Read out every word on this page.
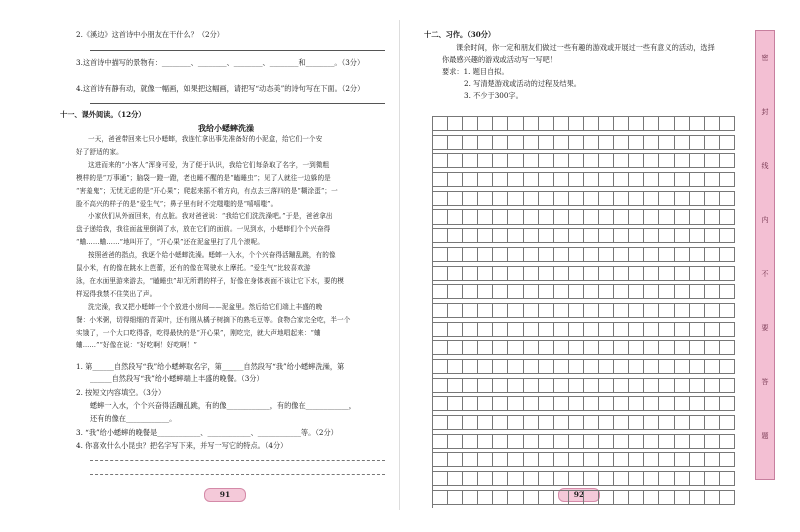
2.《溪边》这首诗中小朋友在干什么？（2分）
3.这首诗中描写的景物有：________、________、________、________和________。（3分）
4.这首诗有静有动，就像一幅画，如果把这幅画，请把写“动态美”的诗句写在下面。（2分）
十一、课外阅读。（12分）
我给小蟋蟀洗澡
一天，爸爸带回来七只小蟋蟀，我连忙拿出事先准备好的小泥盒，给它们一个安
好了舒适的家。
这进而来的“小客人”浑身可爱，为了便于认识，我给它们每条取了名字，一到微粗
模样的是“万事通”；脑袋一蹬一蹬，老也睡不醒的是“瞌睡虫”；见了人就往一边躲的是
“害羞鬼”；无忧无虑的是“开心果”；爬起来摇不着方向，有点去三落四的是“糊涂蛋”；一
脸不高兴的样子的是“爱生气”；鼻子里有时不完嗤嗤的是“嘻嘻嗤”。
小家伙们从外面回来，有点脏。我对爸爸说：“我给它们洗洗澡吧。”于是，爸爸拿出
盘子递给我，我往面盆里倒满了水，放在它们的面前。一见到水，小蟋蟀们个个兴奋得
“蛐……蛐……”地叫开了，“开心果”还在泥盆里打了几个滚呢。
按照爸爸的指点，我逐个给小蟋蟀洗澡。蟋蟀一入水，个个兴奋得活蹦乱跳，有的像
鼠小米，有的像在跳水上芭蕾，还有的像在驾驶水上摩托。“爱生气”比较喜欢游
泳，在水面里游来游去，“瞌睡虫”却无所谓的样子，好像在身体表面不该让它下水，要的模
样逗得我禁不住笑出了声。
洗完澡，我又把小蟋蟀一个个放进小房间——泥盆里。然后给它们端上丰盛的晚
餐：小米粥，切得细细的青菜叶，还有刚从橘子树摘下的熟毛豆等。食物合家完全吃，半一个
实饿了，一个大口吃得香，吃得最快的是“开心果”，刚吃完，就大声地唱起来：“蛐
蛐……”“好像在说：“好吃啊！好吃啊！”
1. 第______自然段写“我”给小蟋蟀取名字，第______自然段写“我”给小蟋蟀洗澡，第
______自然段写“我”给小蟋蟀端上丰盛的晚餐。（3分）
2. 按短文内容填空。（3分）
蟋蟀一入水，个个兴奋得活蹦乱跳，有的像____________，有的像在____________，
还有的像在____________。
3. “我”给小蟋蟀的晚餐是____________、____________、____________等。（2分）
4. 你喜欢什么小昆虫？把名字写下来，并写一写它的特点。（4分）
91
十二、习作。（30分）
课余时间，你一定和朋友们做过一些有趣的游戏或开展过一些有意义的活动，选择
你最感兴趣的游戏或活动写一写吧！
要求：1. 题目自拟。
2. 写清楚游戏或活动的过程及结果。
3. 不少于300字。
92
密
封
线
内
不
要
答
题
